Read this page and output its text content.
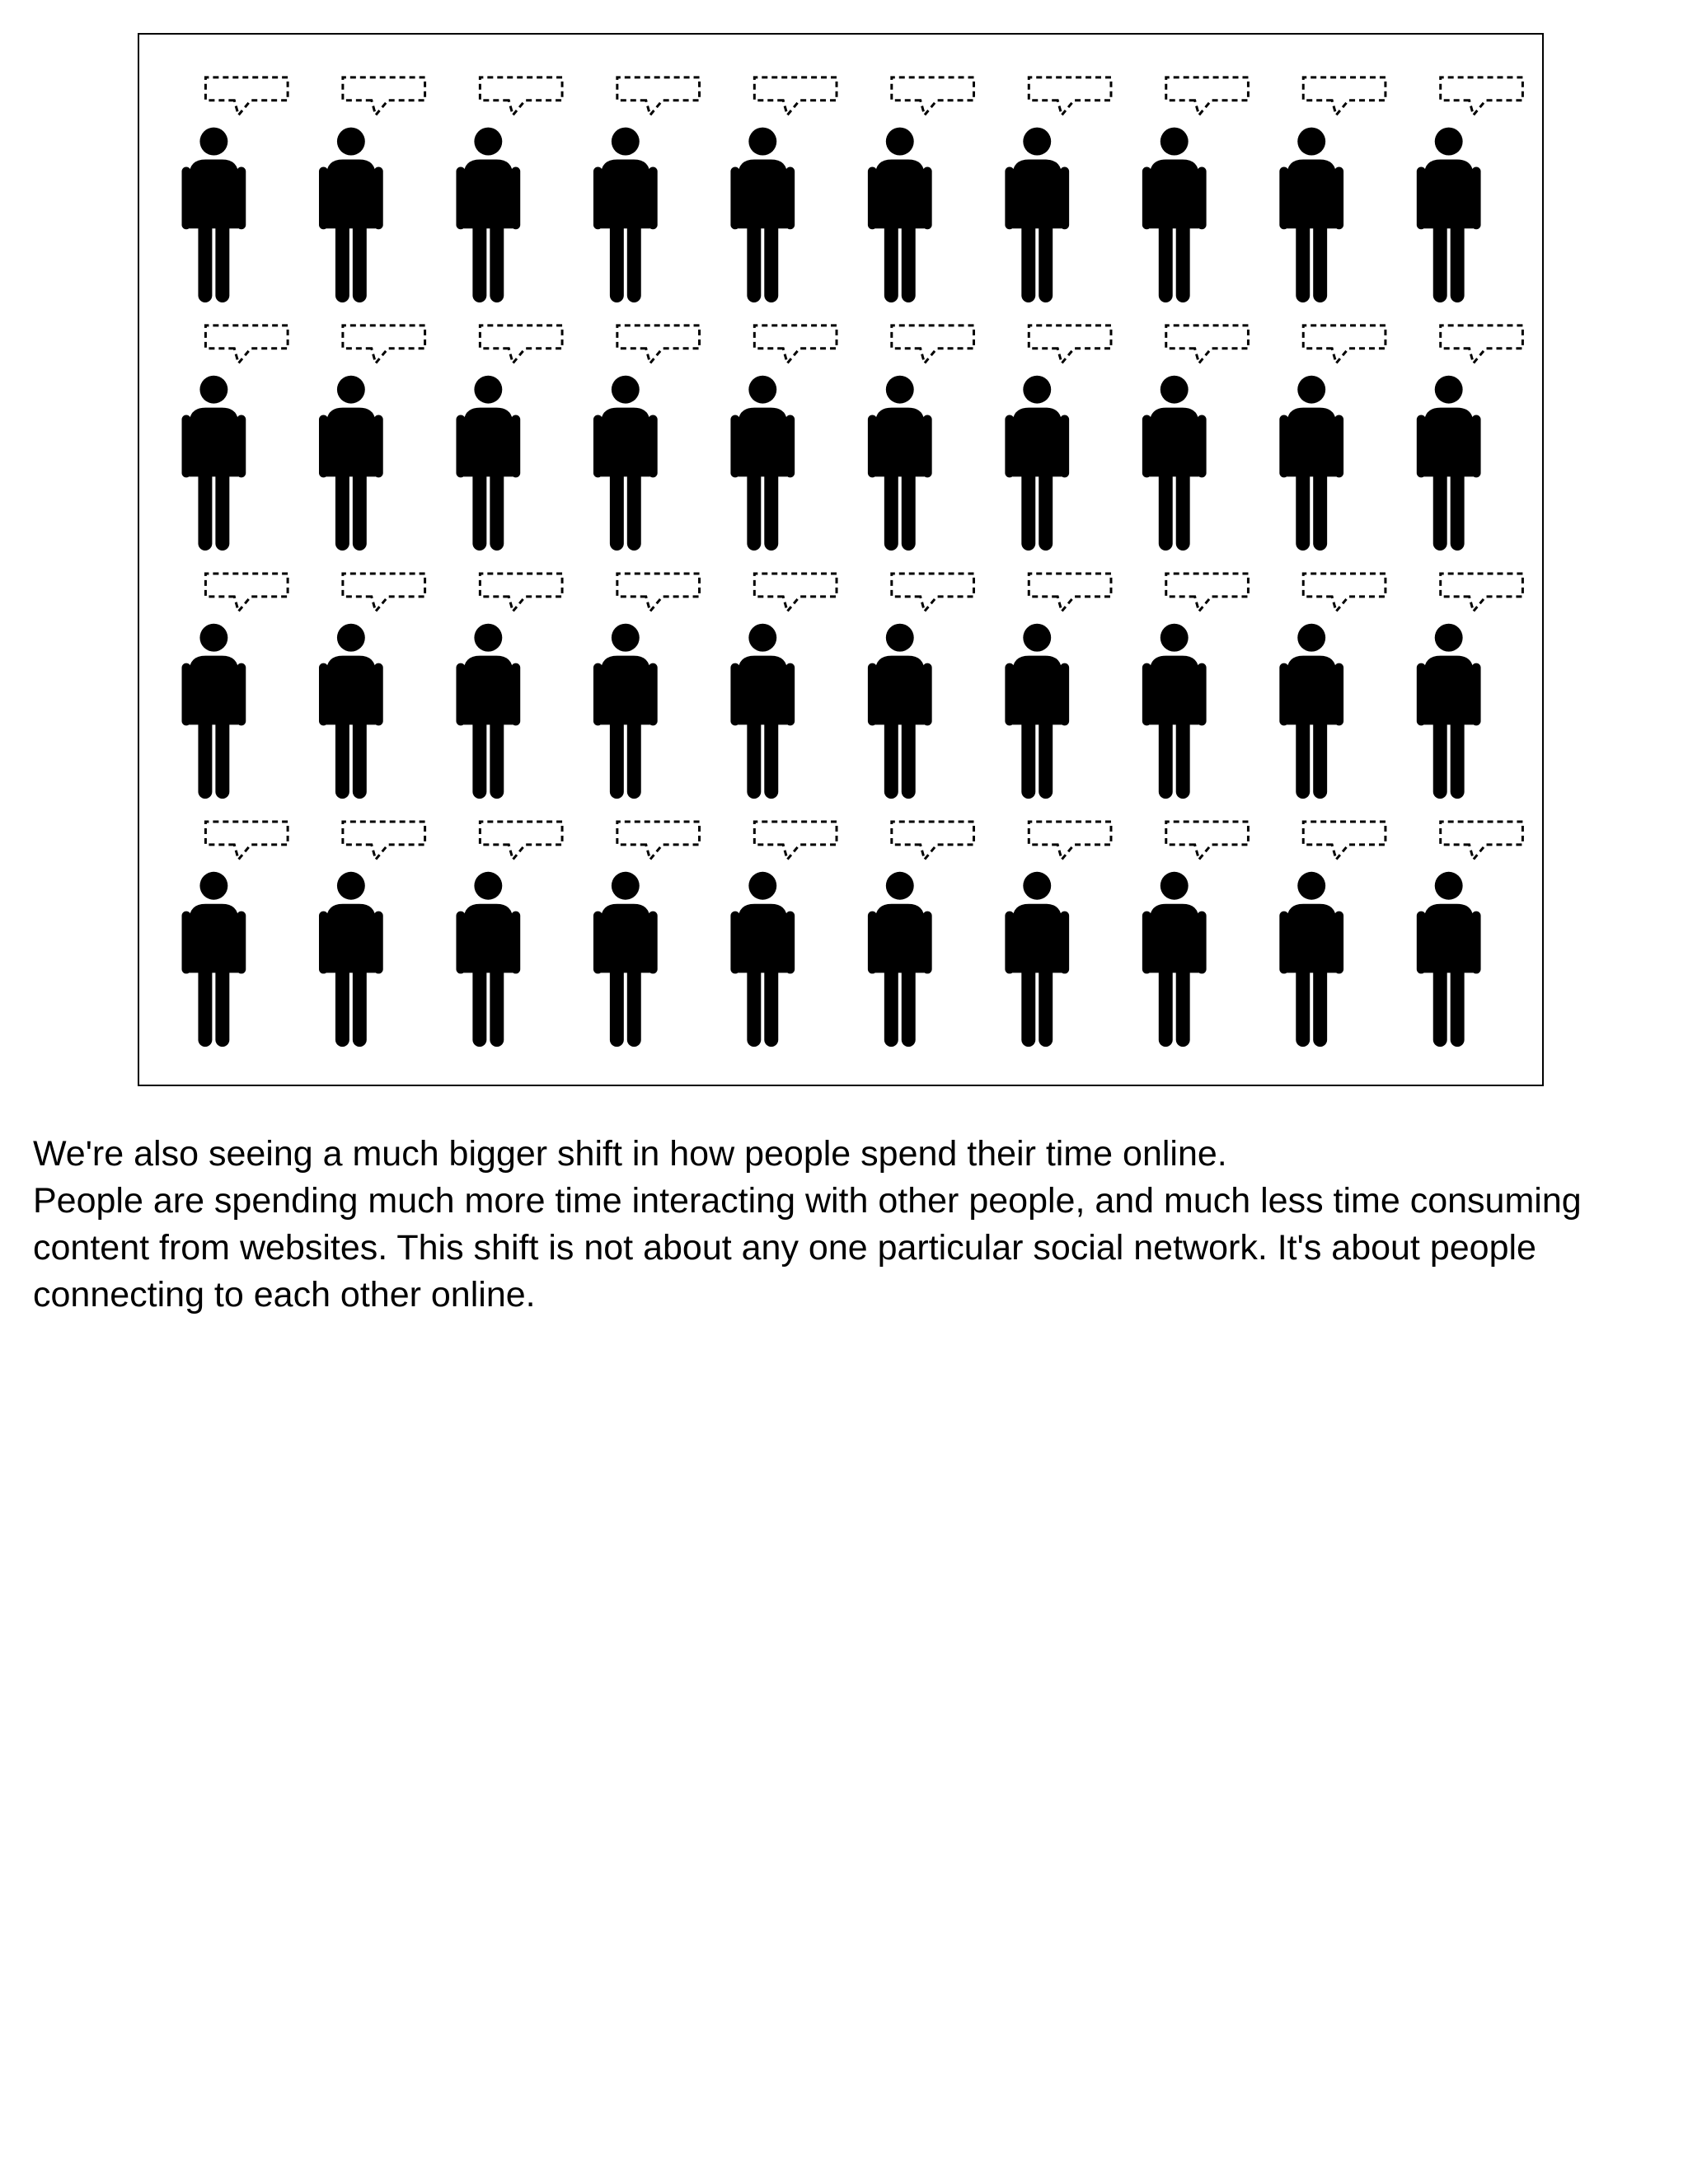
We're also seeing a much bigger shift in how people spend their time online.

People are spending much more time interacting with other people, and much less time consuming content from websites. This shift is not about any one particular social network. It's about people connecting to each other online.
